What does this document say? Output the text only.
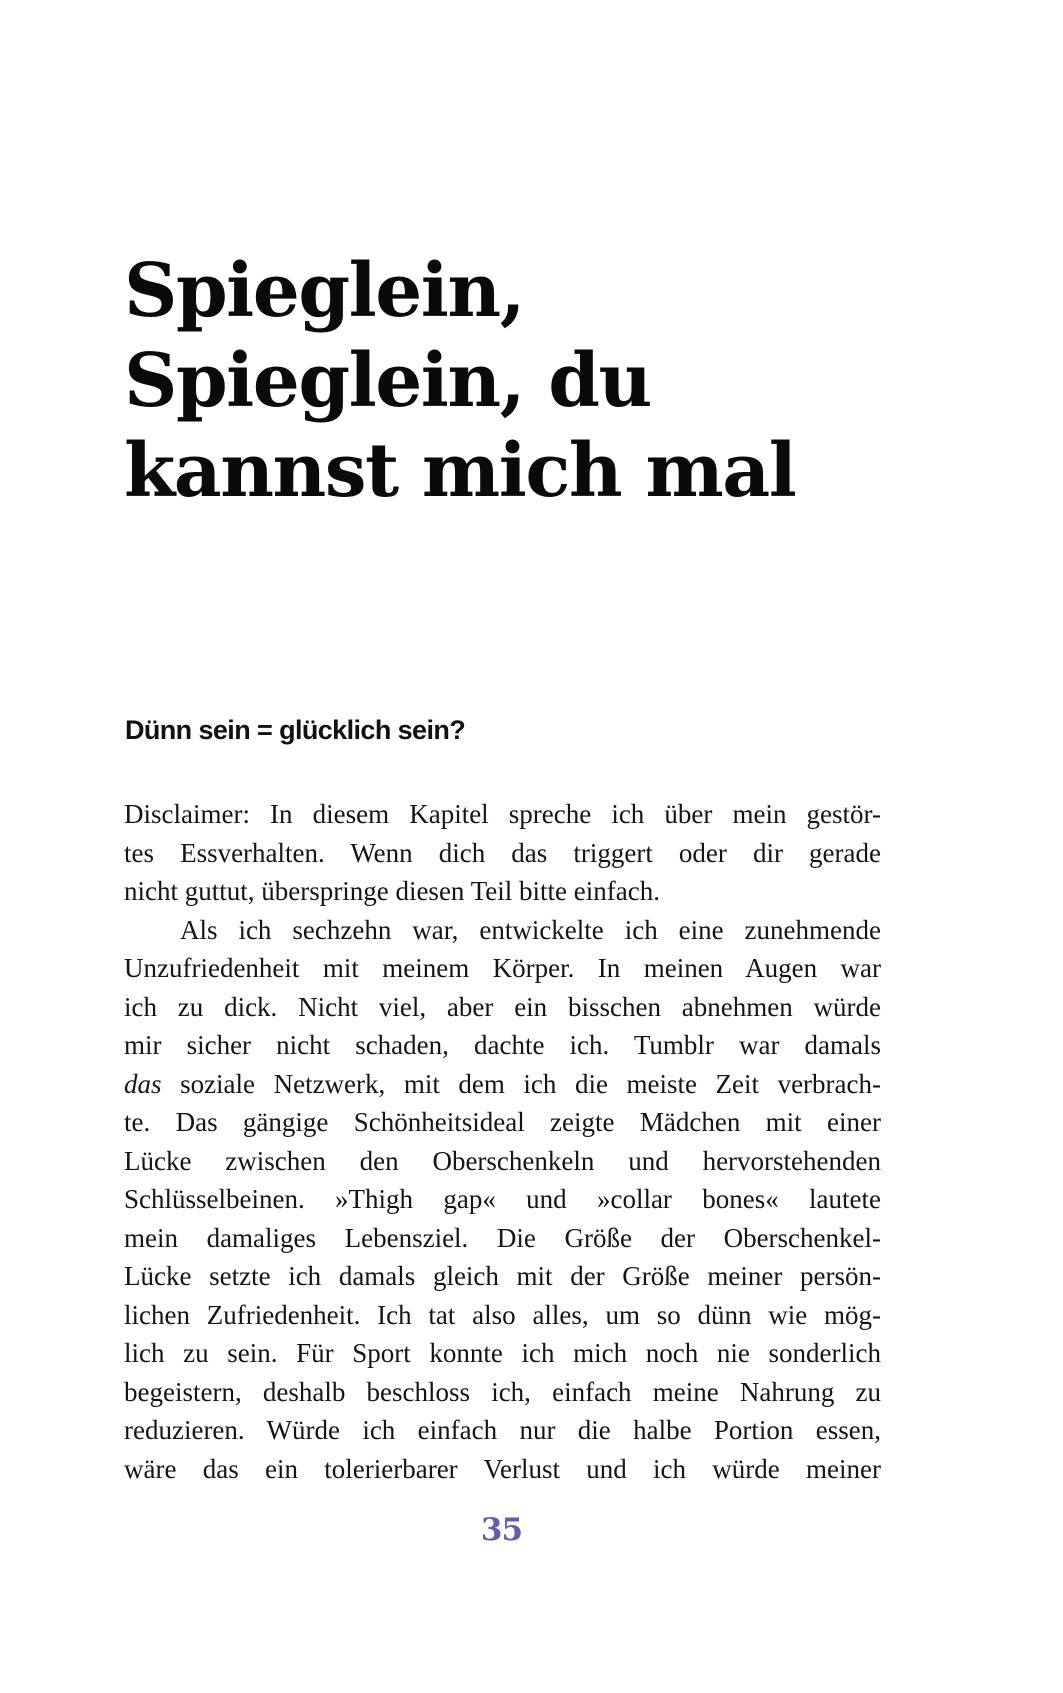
Spieglein,
Spieglein, du
kannst mich mal
Dünn sein = glücklich sein?
Disclaimer: In diesem Kapitel spreche ich über mein gestör-
tes Essverhalten. Wenn dich das triggert oder dir gerade
nicht guttut, überspringe diesen Teil bitte einfach.
Als ich sechzehn war, entwickelte ich eine zunehmende
Unzufriedenheit mit meinem Körper. In meinen Augen war
ich zu dick. Nicht viel, aber ein bisschen abnehmen würde
mir sicher nicht schaden, dachte ich. Tumblr war damals
das soziale Netzwerk, mit dem ich die meiste Zeit verbrach-
te. Das gängige Schönheitsideal zeigte Mädchen mit einer
Lücke zwischen den Oberschenkeln und hervorstehenden
Schlüsselbeinen. »Thigh gap« und »collar bones« lautete
mein damaliges Lebensziel. Die Größe der Oberschenkel-
Lücke setzte ich damals gleich mit der Größe meiner persön-
lichen Zufriedenheit. Ich tat also alles, um so dünn wie mög-
lich zu sein. Für Sport konnte ich mich noch nie sonderlich
begeistern, deshalb beschloss ich, einfach meine Nahrung zu
reduzieren. Würde ich einfach nur die halbe Portion essen,
wäre das ein tolerierbarer Verlust und ich würde meiner
35
